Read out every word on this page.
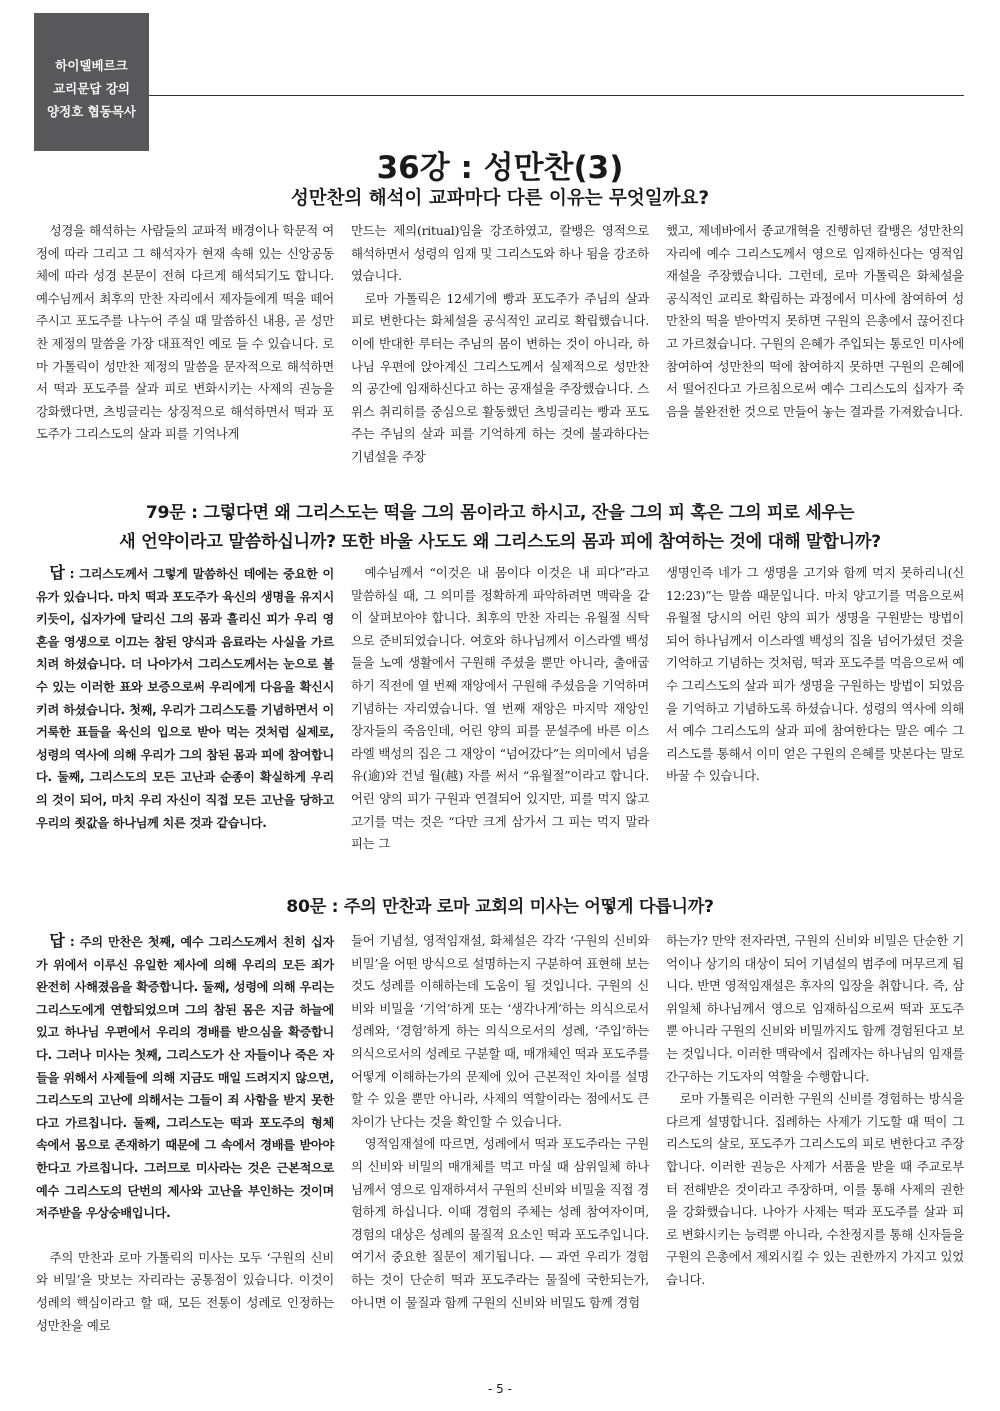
하이델베르크
교리문답 강의
양정호 협동목사
36강 : 성만찬(3)
성만찬의 해석이 교파마다 다른 이유는 무엇일까요?

성경을 해석하는 사람들의 교파적 배경이나 학문적 여정에 따라 그리고 그 해석자가 현재 속해 있는 신앙공동체에 따라 성경 본문이 전혀 다르게 해석되기도 합니다. 예수님께서 최후의 만찬 자리에서 제자들에게 떡을 떼어주시고 포도주를 나누어 주실 때 말씀하신 내용, 곧 성만찬 제정의 말씀을 가장 대표적인 예로 들 수 있습니다. 로마 가톨릭이 성만찬 제정의 말씀을 문자적으로 해석하면서 떡과 포도주를 살과 피로 변화시키는 사제의 권능을 강화했다면, 츠빙글리는 상징적으로 해석하면서 떡과 포도주가 그리스도의 살과 피를 기억나게

만드는 제의(ritual)임을 강조하였고, 칼뱅은 영적으로 해석하면서 성령의 임재 및 그리스도와 하나 됨을 강조하였습니다.

로마 가톨릭은 12세기에 빵과 포도주가 주님의 살과 피로 변한다는 화체설을 공식적인 교리로 확립했습니다. 이에 반대한 루터는 주님의 몸이 변하는 것이 아니라, 하나님 우편에 앉아계신 그리스도께서 실제적으로 성만찬의 공간에 임재하신다고 하는 공재설을 주장했습니다. 스위스 취리히를 중심으로 활동했던 츠빙글리는 빵과 포도주는 주님의 살과 피를 기억하게 하는 것에 불과하다는 기념설을 주장

했고, 제네바에서 종교개혁을 진행하던 칼뱅은 성만찬의 자리에 예수 그리스도께서 영으로 임재하신다는 영적임재설을 주장했습니다. 그런데, 로마 가톨릭은 화체설을 공식적인 교리로 확립하는 과정에서 미사에 참여하여 성만찬의 떡을 받아먹지 못하면 구원의 은총에서 끊어진다고 가르쳤습니다. 구원의 은혜가 주입되는 통로인 미사에 참여하여 성만찬의 떡에 참여하지 못하면 구원의 은혜에서 떨어진다고 가르침으로써 예수 그리스도의 십자가 죽음을 불완전한 것으로 만들어 놓는 결과를 가져왔습니다.

79문 : 그렇다면 왜 그리스도는 떡을 그의 몸이라고 하시고, 잔을 그의 피 혹은 그의 피로 세우는
새 언약이라고 말씀하십니까? 또한 바울 사도도 왜 그리스도의 몸과 피에 참여하는 것에 대해 말합니까?

답 : 그리스도께서 그렇게 말씀하신 데에는 중요한 이유가 있습니다. 마치 떡과 포도주가 육신의 생명을 유지시키듯이, 십자가에 달리신 그의 몸과 흘리신 피가 우리 영혼을 영생으로 이끄는 참된 양식과 음료라는 사실을 가르치려 하셨습니다. 더 나아가서 그리스도께서는 눈으로 볼 수 있는 이러한 표와 보증으로써 우리에게 다음을 확신시키려 하셨습니다. 첫째, 우리가 그리스도를 기념하면서 이 거룩한 표들을 육신의 입으로 받아 먹는 것처럼 실제로, 성령의 역사에 의해 우리가 그의 참된 몸과 피에 참여합니다. 둘째, 그리스도의 모든 고난과 순종이 확실하게 우리의 것이 되어, 마치 우리 자신이 직접 모든 고난을 당하고 우리의 죗값을 하나님께 치른 것과 같습니다.

예수님께서 “이것은 내 몸이다 이것은 내 피다”라고 말씀하실 때, 그 의미를 정확하게 파악하려면 맥락을 같이 살펴보아야 합니다. 최후의 만찬 자리는 유월절 식탁으로 준비되었습니다. 여호와 하나님께서 이스라엘 백성들을 노예 생활에서 구원해 주셨을 뿐만 아니라, 출애굽하기 직전에 열 번째 재앙에서 구원해 주셨음을 기억하며 기념하는 자리였습니다. 열 번째 재앙은 마지막 재앙인 장자들의 죽음인데, 어린 양의 피를 문설주에 바른 이스라엘 백성의 집은 그 재앙이 “넘어갔다”는 의미에서 넘을 유(逾)와 건널 월(越) 자를 써서 “유월절”이라고 합니다. 어린 양의 피가 구원과 연결되어 있지만, 피를 먹지 않고 고기를 먹는 것은 “다만 크게 삼가서 그 피는 먹지 말라 피는 그

생명인즉 네가 그 생명을 고기와 함께 먹지 못하리니(신 12:23)”는 말씀 때문입니다. 마치 양고기를 먹음으로써 유월절 당시의 어린 양의 피가 생명을 구원받는 방법이 되어 하나님께서 이스라엘 백성의 집을 넘어가셨던 것을 기억하고 기념하는 것처럼, 떡과 포도주를 먹음으로써 예수 그리스도의 살과 피가 생명을 구원하는 방법이 되었음을 기억하고 기념하도록 하셨습니다. 성령의 역사에 의해서 예수 그리스도의 살과 피에 참여한다는 말은 예수 그리스도를 통해서 이미 얻은 구원의 은혜를 맛본다는 말로 바꿀 수 있습니다.

80문 : 주의 만찬과 로마 교회의 미사는 어떻게 다릅니까?

답 : 주의 만찬은 첫째, 예수 그리스도께서 친히 십자가 위에서 이루신 유일한 제사에 의해 우리의 모든 죄가 완전히 사해졌음을 확증합니다. 둘째, 성령에 의해 우리는 그리스도에게 연합되었으며 그의 참된 몸은 지금 하늘에 있고 하나님 우편에서 우리의 경배를 받으심을 확증합니다. 그러나 미사는 첫째, 그리스도가 산 자들이나 죽은 자들을 위해서 사제들에 의해 지금도 매일 드려지지 않으면, 그리스도의 고난에 의해서는 그들이 죄 사함을 받지 못한다고 가르칩니다. 둘째, 그리스도는 떡과 포도주의 형체 속에서 몸으로 존재하기 때문에 그 속에서 경배를 받아야 한다고 가르칩니다. 그러므로 미사라는 것은 근본적으로 예수 그리스도의 단번의 제사와 고난을 부인하는 것이며 저주받을 우상숭배입니다.

주의 만찬과 로마 가톨릭의 미사는 모두 ‘구원의 신비와 비밀’을 맛보는 자리라는 공통점이 있습니다. 이것이 성례의 핵심이라고 할 때, 모든 전통이 성례로 인정하는 성만찬을 예로

들어 기념설, 영적임재설, 화체설은 각각 ‘구원의 신비와 비밀’을 어떤 방식으로 설명하는지 구분하여 표현해 보는 것도 성례를 이해하는데 도움이 될 것입니다. 구원의 신비와 비밀을 ‘기억’하게 또는 ‘생각나게’하는 의식으로서 성례와, ‘경험’하게 하는 의식으로서의 성례, ‘주입’하는 의식으로서의 성례로 구분할 때, 매개체인 떡과 포도주를 어떻게 이해하는가의 문제에 있어 근본적인 차이를 설명할 수 있을 뿐만 아니라, 사제의 역할이라는 점에서도 큰 차이가 난다는 것을 확인할 수 있습니다.

영적임재설에 따르면, 성례에서 떡과 포도주라는 구원의 신비와 비밀의 매개체를 먹고 마실 때 삼위일체 하나님께서 영으로 임재하셔서 구원의 신비와 비밀을 직접 경험하게 하십니다. 이때 경험의 주체는 성례 참여자이며, 경험의 대상은 성례의 물질적 요소인 떡과 포도주입니다. 여기서 중요한 질문이 제기됩니다. ― 과연 우리가 경험하는 것이 단순히 떡과 포도주라는 물질에 국한되는가, 아니면 이 물질과 함께 구원의 신비와 비밀도 함께 경험

하는가? 만약 전자라면, 구원의 신비와 비밀은 단순한 기억이나 상기의 대상이 되어 기념설의 범주에 머무르게 됩니다. 반면 영적임재설은 후자의 입장을 취합니다. 즉, 삼위일체 하나님께서 영으로 임재하심으로써 떡과 포도주뿐 아니라 구원의 신비와 비밀까지도 함께 경험된다고 보는 것입니다. 이러한 맥락에서 집례자는 하나님의 임재를 간구하는 기도자의 역할을 수행합니다.

로마 가톨릭은 이러한 구원의 신비를 경험하는 방식을 다르게 설명합니다. 집례하는 사제가 기도할 때 떡이 그리스도의 살로, 포도주가 그리스도의 피로 변한다고 주장합니다. 이러한 권능은 사제가 서품을 받을 때 주교로부터 전해받은 것이라고 주장하며, 이를 통해 사제의 권한을 강화했습니다. 나아가 사제는 떡과 포도주를 살과 피로 변화시키는 능력뿐 아니라, 수찬정지를 통해 신자들을 구원의 은총에서 제외시킬 수 있는 권한까지 가지고 있었습니다.

- 5 -
